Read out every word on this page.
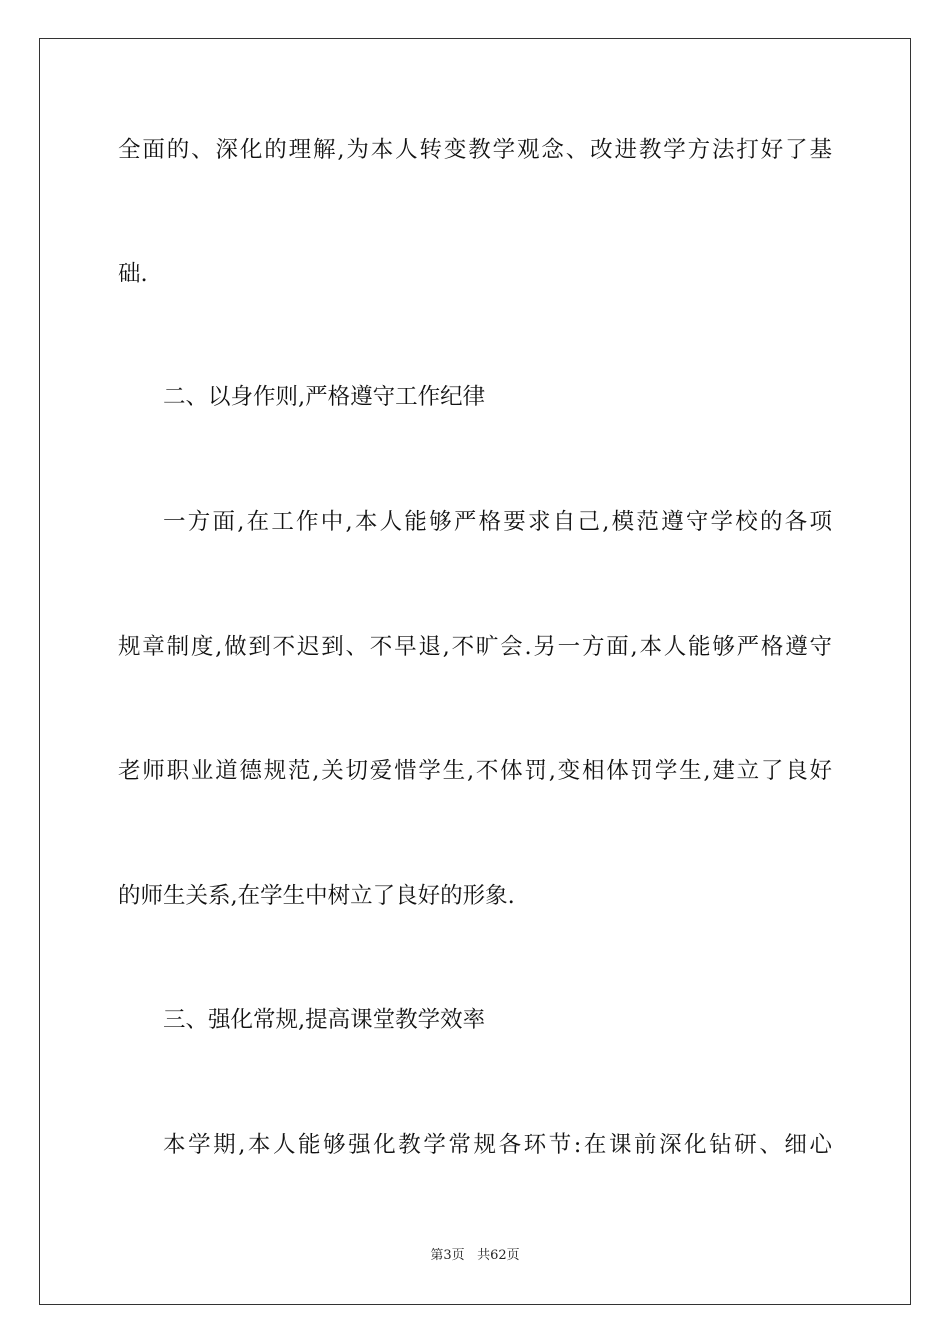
全面的、深化的理解,为本人转变教学观念、改进教学方法打好了基
础.
二、以身作则,严格遵守工作纪律
一方面,在工作中,本人能够严格要求自己,模范遵守学校的各项
规章制度,做到不迟到、不早退,不旷会.另一方面,本人能够严格遵守
老师职业道德规范,关切爱惜学生,不体罚,变相体罚学生,建立了良好
的师生关系,在学生中树立了良好的形象.
三、强化常规,提高课堂教学效率
本学期,本人能够强化教学常规各环节:在课前深化钻研、细心
第3页 共62页
